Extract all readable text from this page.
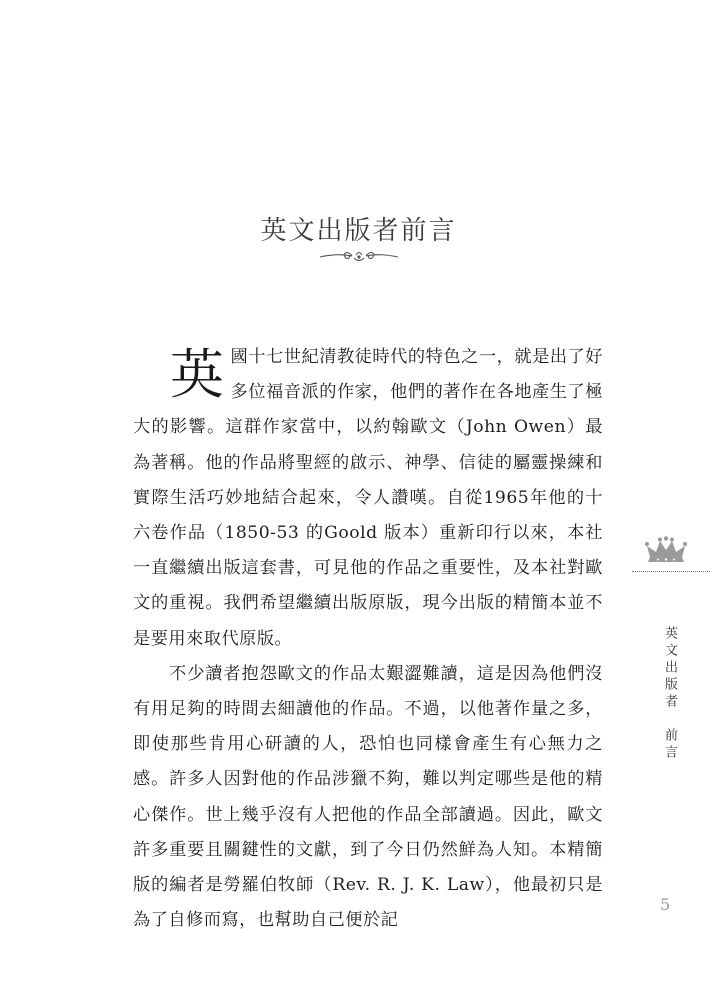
英文出版者前言

英國十七世紀清教徒時代的特色之一，就是出了好多位福音派的作家，他們的著作在各地產生了極大的影響。這群作家當中，以約翰歐文（John Owen）最為著稱。他的作品將聖經的啟示、神學、信徒的屬靈操練和實際生活巧妙地結合起來，令人讚嘆。自從1965年他的十六卷作品（1850-53 的Goold 版本）重新印行以來，本社一直繼續出版這套書，可見他的作品之重要性，及本社對歐文的重視。我們希望繼續出版原版，現今出版的精簡本並不是要用來取代原版。

不少讀者抱怨歐文的作品太艱澀難讀，這是因為他們沒有用足夠的時間去細讀他的作品。不過，以他著作量之多，即使那些肯用心研讀的人，恐怕也同樣會產生有心無力之感。許多人因對他的作品涉獵不夠，難以判定哪些是他的精心傑作。世上幾乎沒有人把他的作品全部讀過。因此，歐文許多重要且關鍵性的文獻，到了今日仍然鮮為人知。本精簡版的編者是勞羅伯牧師（Rev. R. J. K. Law），他最初只是為了自修而寫，也幫助自己便於記

英文出版者　前言
5
